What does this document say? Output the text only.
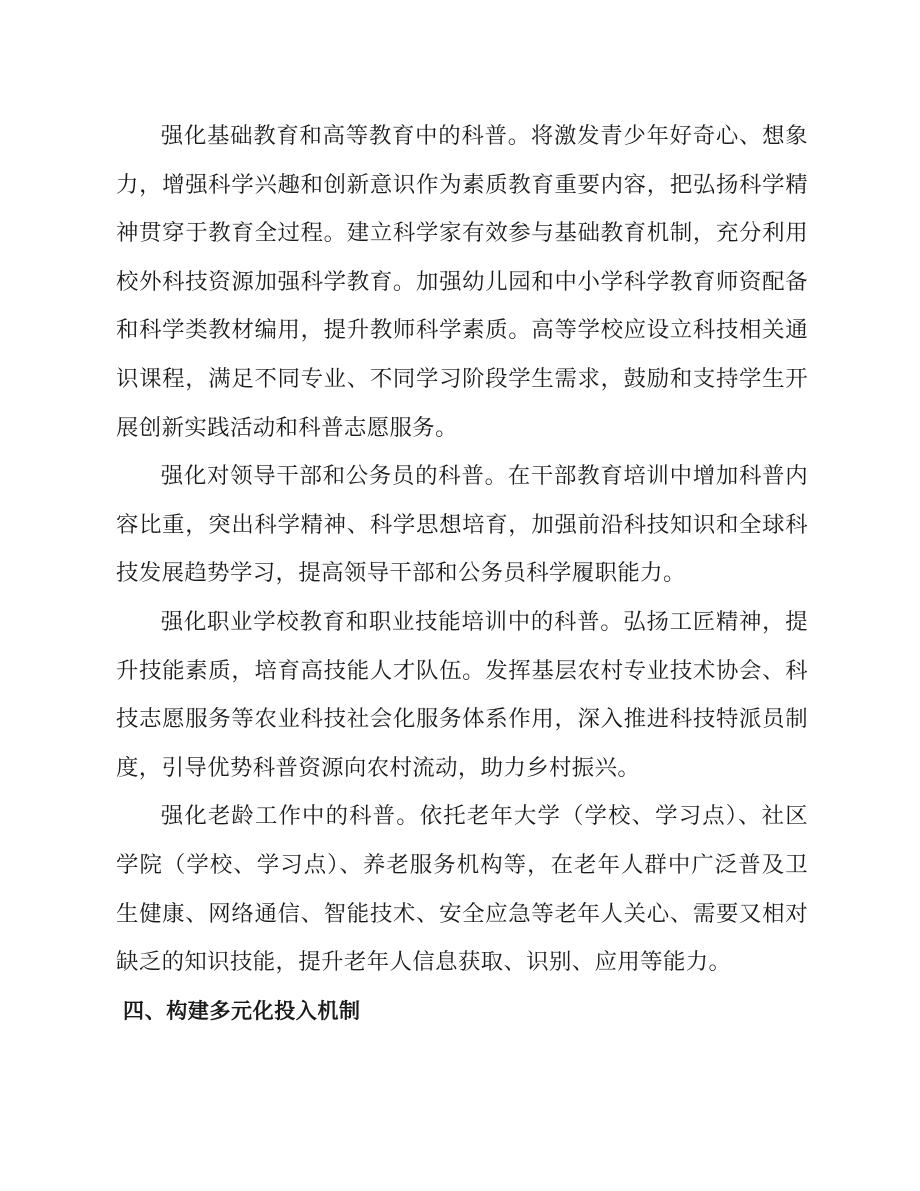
强化基础教育和高等教育中的科普。将激发青少年好奇心、想象力，增强科学兴趣和创新意识作为素质教育重要内容，把弘扬科学精神贯穿于教育全过程。建立科学家有效参与基础教育机制，充分利用校外科技资源加强科学教育。加强幼儿园和中小学科学教育师资配备和科学类教材编用，提升教师科学素质。高等学校应设立科技相关通识课程，满足不同专业、不同学习阶段学生需求，鼓励和支持学生开展创新实践活动和科普志愿服务。

强化对领导干部和公务员的科普。在干部教育培训中增加科普内容比重，突出科学精神、科学思想培育，加强前沿科技知识和全球科技发展趋势学习，提高领导干部和公务员科学履职能力。

强化职业学校教育和职业技能培训中的科普。弘扬工匠精神，提升技能素质，培育高技能人才队伍。发挥基层农村专业技术协会、科技志愿服务等农业科技社会化服务体系作用，深入推进科技特派员制度，引导优势科普资源向农村流动，助力乡村振兴。

强化老龄工作中的科普。依托老年大学（学校、学习点）、社区学院（学校、学习点）、养老服务机构等，在老年人群中广泛普及卫生健康、网络通信、智能技术、安全应急等老年人关心、需要又相对缺乏的知识技能，提升老年人信息获取、识别、应用等能力。

四、构建多元化投入机制
